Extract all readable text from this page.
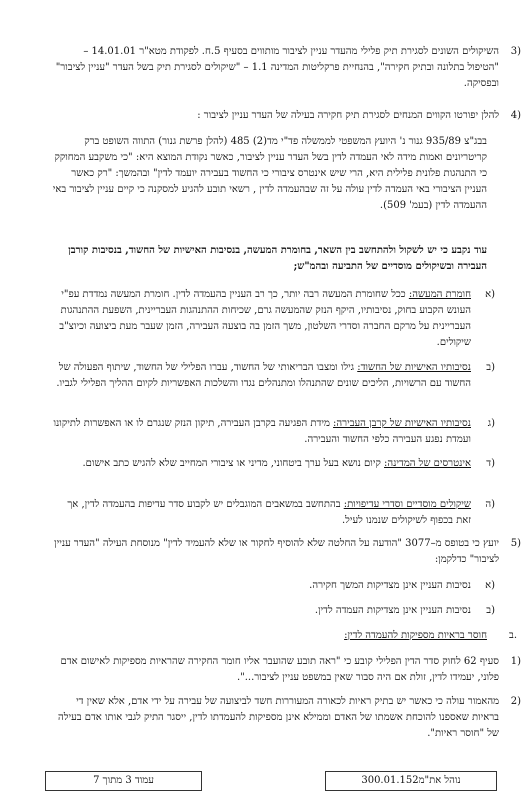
3)
השיקולים השונים לסגירת תיק פלילי מהעדר עניין לציבור מותווים בסעיף 5.ח. לפקודת מטא"ר 14.01.01 – "הטיפול בתלונה ובתיק חקירה", בהנחיית פרקליטות המדינה 1.1 – "שיקולים לסגירת תיק בשל העדר "עניין לציבור" ובפסיקה.
4)
להלן יפורטו הקווים המנחים לסגירת תיק חקירה בעילה של העדר עניין לציבור :
בבג"צ 935/89 גנור נ' היועץ המשפטי לממשלה פד"י מד(2) 485 (להלן פרשת גנור) התווה השופט ברק קריטריונים ואמות מידה לאי העמדה לדין בשל העדר עניין לציבור, כאשר נקודת המוצא היא: "כי משקבע המחוקק כי התנהגות פלונית פלילית היא, הרי שיש אינטרס ציבורי כי החשוד בעבירה יועמד לדין" ובהמשך: "רק כאשר העניין הציבורי באי העמדה לדין עולה על זה שבהעמדה לדין , רשאי תובע להגיע למסקנה כי קיים עניין לציבור באי ההעמדה לדין (בעמ' 509).
עוד נקבע כי יש לשקול ולהתחשב בין השאר, בחומרת המעשה, בנסיבות האישיות של החשוד, בנסיבות קורבן העבירה ובשיקולים מוסדיים של התביעה ובהמ"ש;
א)
חומרת המעשה: ככל שחומרת המעשה רבה יותר, כך רב העניין בהעמדה לדין. חומרת המעשה נמדדת עפ"י העונש הקבוע בחוק, נסיבותיו, היקף הנזק שהמעשה גרם, שכיחות ההתנהגות העבריינית, השפעת ההתנהגות העבריינית על מרקם החברה וסדרי השלטון, משך הזמן בה בוצעה העבירה, הזמן שעבר מעת ביצועה וכיוצ"ב שיקולים.
ב)
נסיבותיו האישיות של החשוד: גילו ומצבו הבריאותי של החשוד, עברו הפלילי של החשוד, שיתוף הפעולה של החשוד עם הרשויות, הליכים שונים שהתנהלו ומתנהלים נגדו והשלכות האפשריות לקיום ההליך הפלילי לגביו.
ג)
נסיבותיו האישיות של קרבן העבירה: מידת הפגיעה בקרבן העבירה, תיקון הנזק שנגרם לו או האפשרות לתיקונו ועמדת נפגע העבירה כלפי החשוד והעבירה.
ד)
אינטרסים של המדינה: קיום נושא בעל ערך ביטחוני, מדיני או ציבורי המחייב שלא להגיש כתב אישום.
ה)
שיקולים מוסדיים וסדרי עדיפויות: בהתחשב במשאבים המוגבלים יש לקבוע סדר עדיפות בהעמדה לדין, אך זאת בכפוף לשיקולים שנמנו לעיל.
5)
יועץ כי בטופס מ–3077 "הודעה על החלטה שלא להוסיף לחקור או שלא להעמיד לדין" מנוסחת העילה "העדר עניין לציבור" כדלקמן:
א)
נסיבות העניין אינן מצדיקות המשך חקירה.
ב)
נסיבות העניין אינן מצדיקות העמדה לדין.
ב.
חוסר בראיות מספיקות להעמדה לדין:
1)
סעיף 62 לחוק סדר הדין הפלילי קובע כי "ראה תובע שהועבר אליו חומר החקירה שהראיות מספיקות לאישום אדם פלוני, יעמידו לדין, זולת אם היה סבור שאין במשפט עניין לציבור...".
2)
מהאמור עולה כי כאשר יש בתיק ראיות לכאורה המעוררות חשד לביצועה של עבירה על ידי אדם, אלא שאין די בראיות שאספנו להוכחת אשמתו של האדם וממילא אינן מספיקות להעמדתו לדין, ייסגר התיק לגבי אותו אדם בעילה של "חוסר ראיות".
עמוד 3 מתוך 7	נוהל את"מ300.01.152
